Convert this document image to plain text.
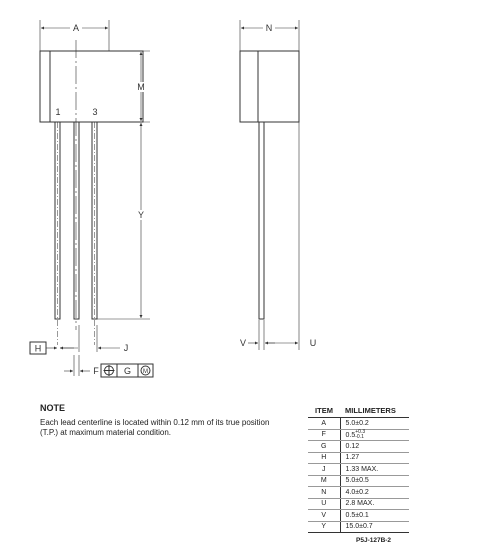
A
M
Y
1	3
H	J
F	G M
N
V	U
NOTE
Each lead centerline is located within 0.12 mm of its true position (T.P.) at maximum material condition.
ITEM	MILLIMETERS
A	5.0±0.2
F	0.5+0.3
-0.1
G	0.12
H	1.27
J	1.33 MAX.
M	5.0±0.5
N	4.0±0.2
U	2.8 MAX.
V	0.5±0.1
Y	15.0±0.7
P5J-127B-2
